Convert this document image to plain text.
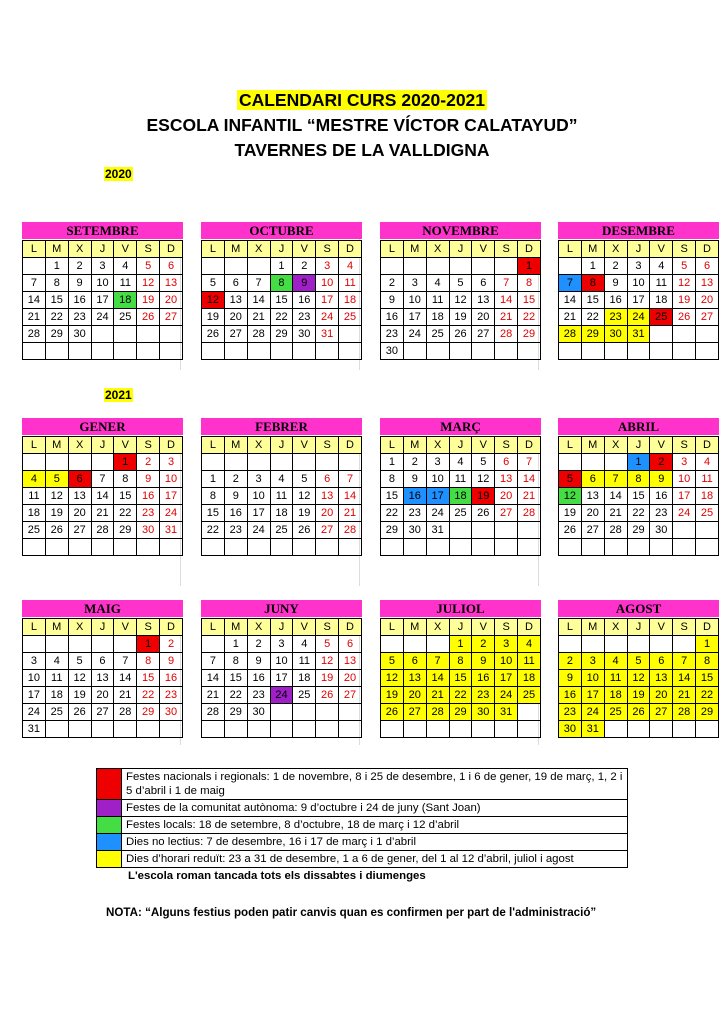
CALENDARI CURS 2020-2021
ESCOLA INFANTIL “MESTRE VÍCTOR CALATAYUD”
TAVERNES DE LA VALLDIGNA
2020
2021
SETEMBRE
L	M	X	J	V	S	D
	1	2	3	4	5	6
7	8	9	10	11	12	13
14	15	16	17	18	19	20
21	22	23	24	25	26	27
28	29	30				

OCTUBRE
L	M	X	J	V	S	D
			1	2	3	4
5	6	7	8	9	10	11
12	13	14	15	16	17	18
19	20	21	22	23	24	25
26	27	28	29	30	31	

NOVEMBRE
L	M	X	J	V	S	D
						1
2	3	4	5	6	7	8
9	10	11	12	13	14	15
16	17	18	19	20	21	22
23	24	25	26	27	28	29
30						
DESEMBRE
L	M	X	J	V	S	D
	1	2	3	4	5	6
7	8	9	10	11	12	13
14	15	16	17	18	19	20
21	22	23	24	25	26	27
28	29	30	31			

GENER
L	M	X	J	V	S	D
				1	2	3
4	5	6	7	8	9	10
11	12	13	14	15	16	17
18	19	20	21	22	23	24
25	26	27	28	29	30	31

FEBRER
L	M	X	J	V	S	D

1	2	3	4	5	6	7
8	9	10	11	12	13	14
15	16	17	18	19	20	21
22	23	24	25	26	27	28

MARÇ
L	M	X	J	V	S	D
1	2	3	4	5	6	7
8	9	10	11	12	13	14
15	16	17	18	19	20	21
22	23	24	25	26	27	28
29	30	31				

ABRIL
L	M	X	J	V	S	D
			1	2	3	4
5	6	7	8	9	10	11
12	13	14	15	16	17	18
19	20	21	22	23	24	25
26	27	28	29	30		

MAIG
L	M	X	J	V	S	D
					1	2
3	4	5	6	7	8	9
10	11	12	13	14	15	16
17	18	19	20	21	22	23
24	25	26	27	28	29	30
31						
JUNY
L	M	X	J	V	S	D
	1	2	3	4	5	6
7	8	9	10	11	12	13
14	15	16	17	18	19	20
21	22	23	24	25	26	27
28	29	30				

JULIOL
L	M	X	J	V	S	D
			1	2	3	4
5	6	7	8	9	10	11
12	13	14	15	16	17	18
19	20	21	22	23	24	25
26	27	28	29	30	31	

AGOST
L	M	X	J	V	S	D
						1
2	3	4	5	6	7	8
9	10	11	12	13	14	15
16	17	18	19	20	21	22
23	24	25	26	27	28	29
30	31					
	Festes nacionals i regionals: 1 de novembre, 8 i 25 de desembre, 1 i 6 de gener, 19 de març, 1, 2 i 5 d’abril i 1 de maig
	Festes de la comunitat autònoma: 9 d’octubre i 24 de juny (Sant Joan)
	Festes locals: 18 de setembre, 8 d’octubre, 18 de març i 12 d’abril
	Dies no lectius: 7 de desembre, 16 i 17 de març i 1 d’abril
	Dies d’horari reduït: 23 a 31 de desembre, 1 a 6 de gener, del 1 al 12 d’abril, juliol i agost
L'escola roman tancada tots els dissabtes i diumenges
NOTA: “Alguns festius poden patir canvis quan es confirmen per part de l'administració”
